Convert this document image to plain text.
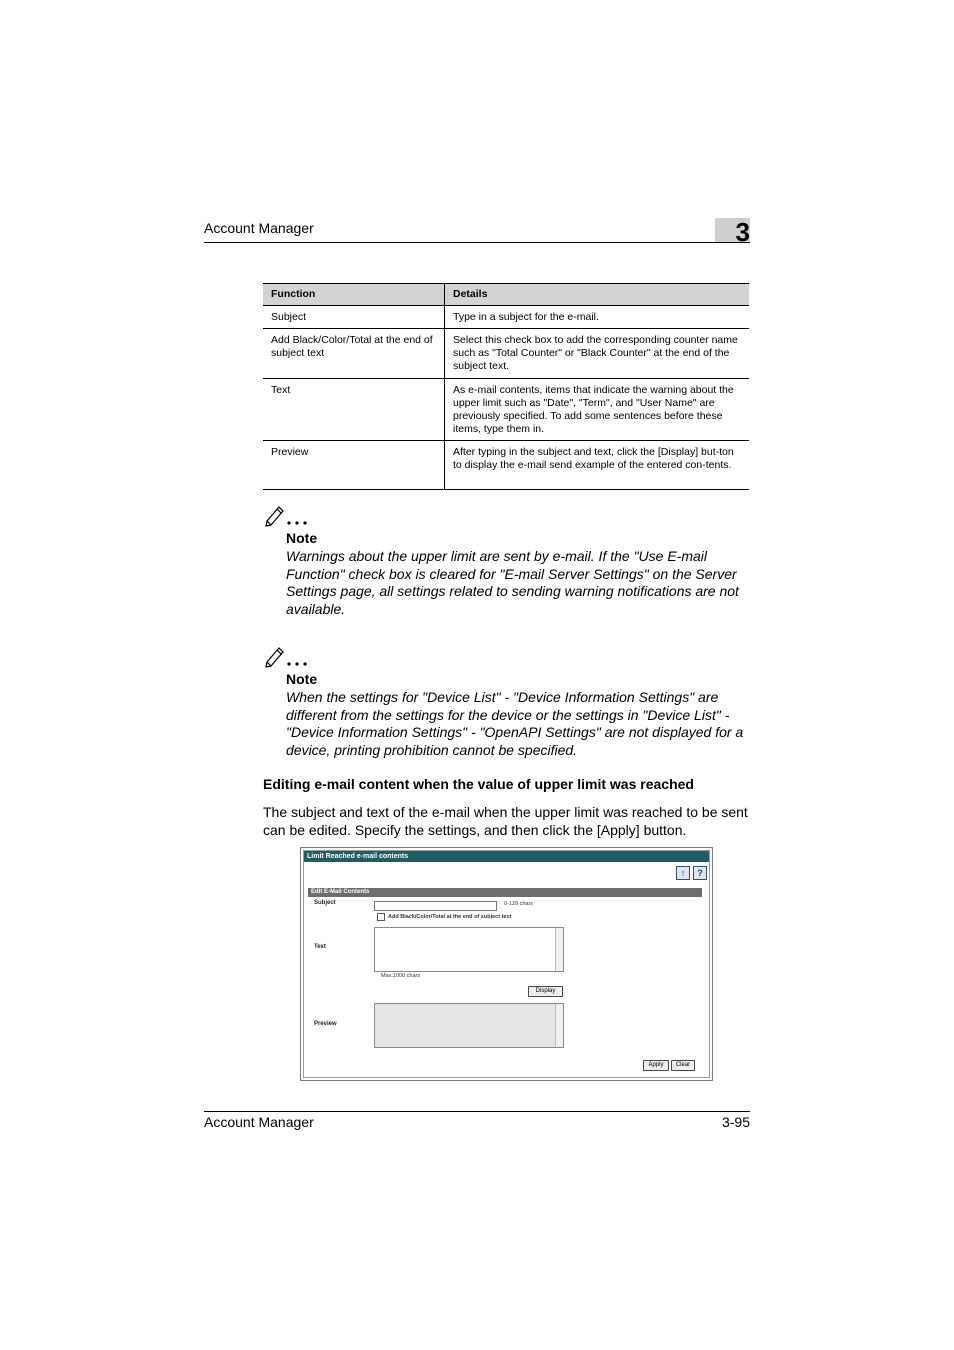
Account Manager	3
Function	Details
Subject	Type in a subject for the e-mail.
Add Black/Color/Total at the end of subject text	Select this check box to add the corresponding counter name such as "Total Counter" or "Black Counter" at the end of the subject text.
Text	As e-mail contents, items that indicate the warning about the upper limit such as "Date", "Term", and "User Name" are previously specified. To add some sentences before these items, type them in.
Preview	After typing in the subject and text, click the [Display] but-ton to display the e-mail send example of the entered con-tents.
Note
Warnings about the upper limit are sent by e-mail. If the "Use E-mail Function" check box is cleared for "E-mail Server Settings" on the Server Settings page, all settings related to sending warning notifications are not available.
Note
When the settings for "Device List" - "Device Information Settings" are different from the settings for the device or the settings in "Device List" - "Device Information Settings" - "OpenAPI Settings" are not displayed for a device, printing prohibition cannot be specified.
Editing e-mail content when the value of upper limit was reached
The subject and text of the e-mail when the upper limit was reached to be sent can be edited. Specify the settings, and then click the [Apply] button.
Limit Reached e-mail contents
↑	?
Edit E-Mail Contents
Subject	0-129 chars
Add Black/Color/Total at the end of subject text
Text
Max:1000 chars
Display
Preview
Apply	Clear
Account Manager	3-95
